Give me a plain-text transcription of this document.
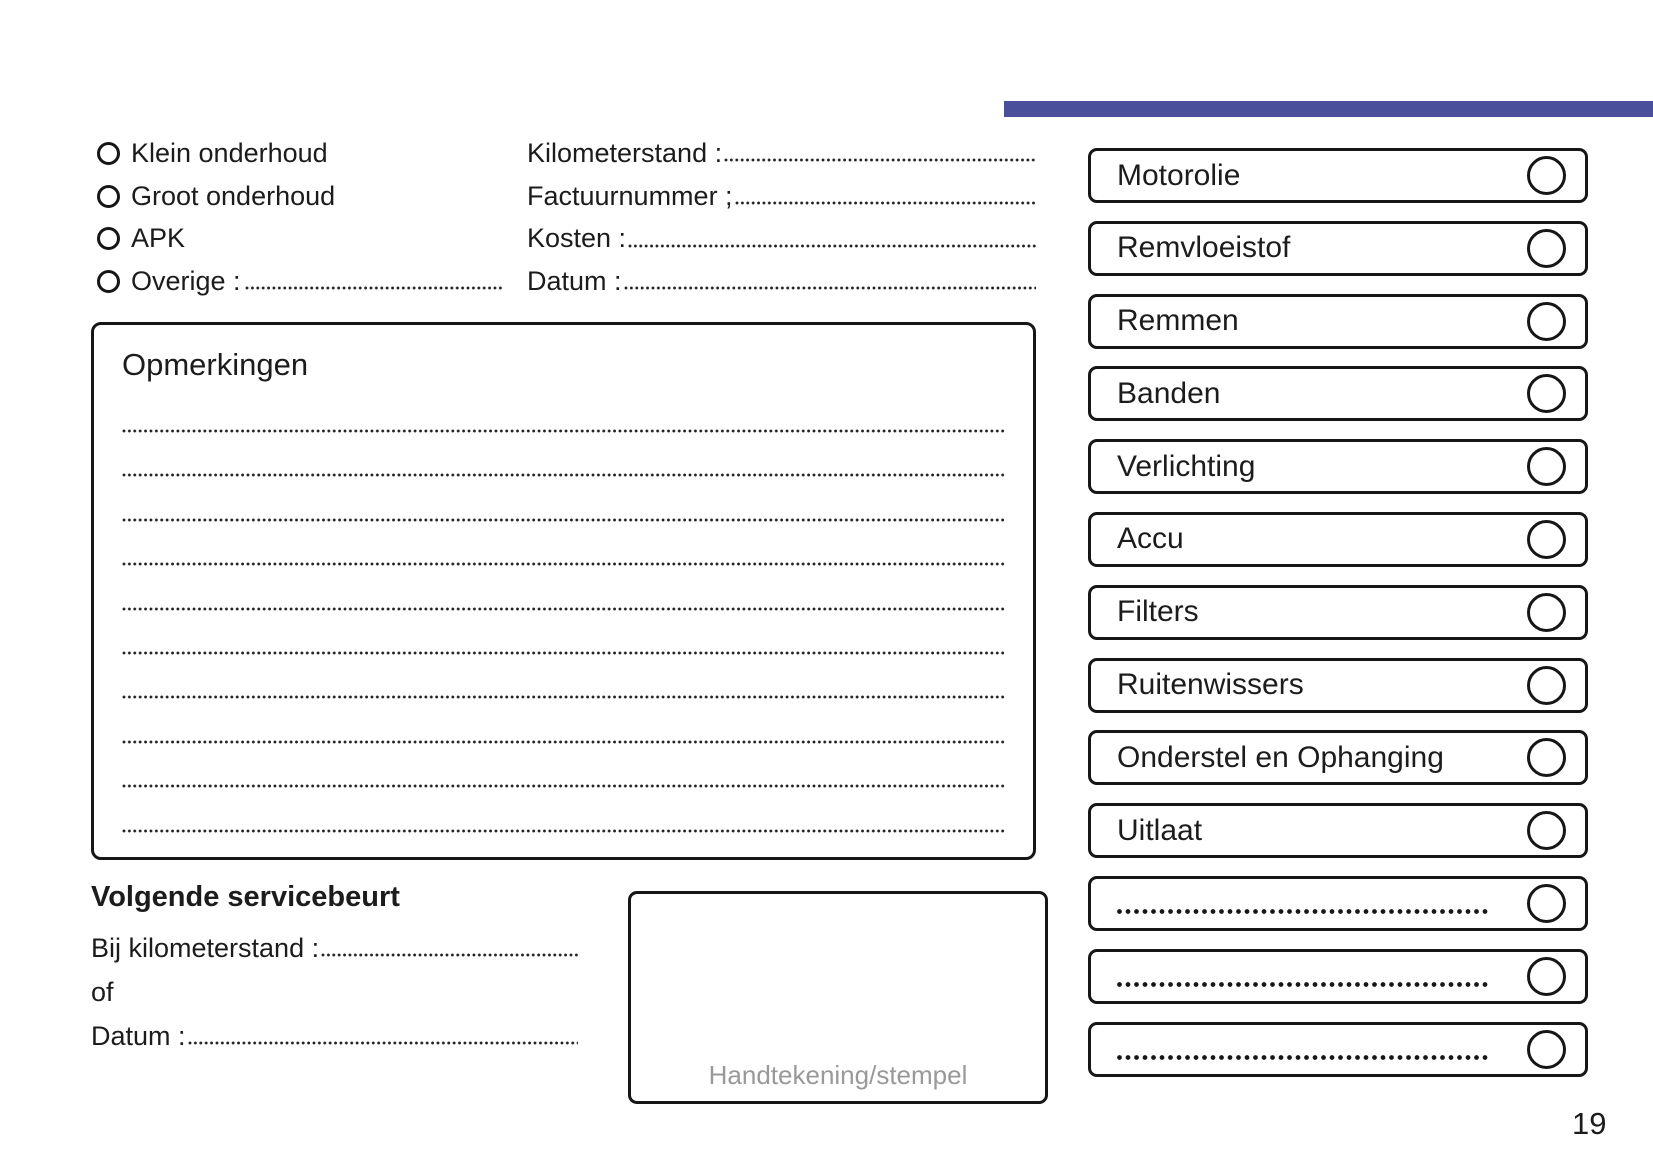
Klein onderhoud
Groot onderhoud
APK
Overige :
Kilometerstand :
Factuurnummer ;
Kosten :
Datum :
Opmerkingen
Volgende servicebeurt
Bij kilometerstand :
of
Datum :
Handtekening/stempel
Motorolie
Remvloeistof
Remmen
Banden
Verlichting
Accu
Filters
Ruitenwissers
Onderstel en Ophanging
Uitlaat
19
